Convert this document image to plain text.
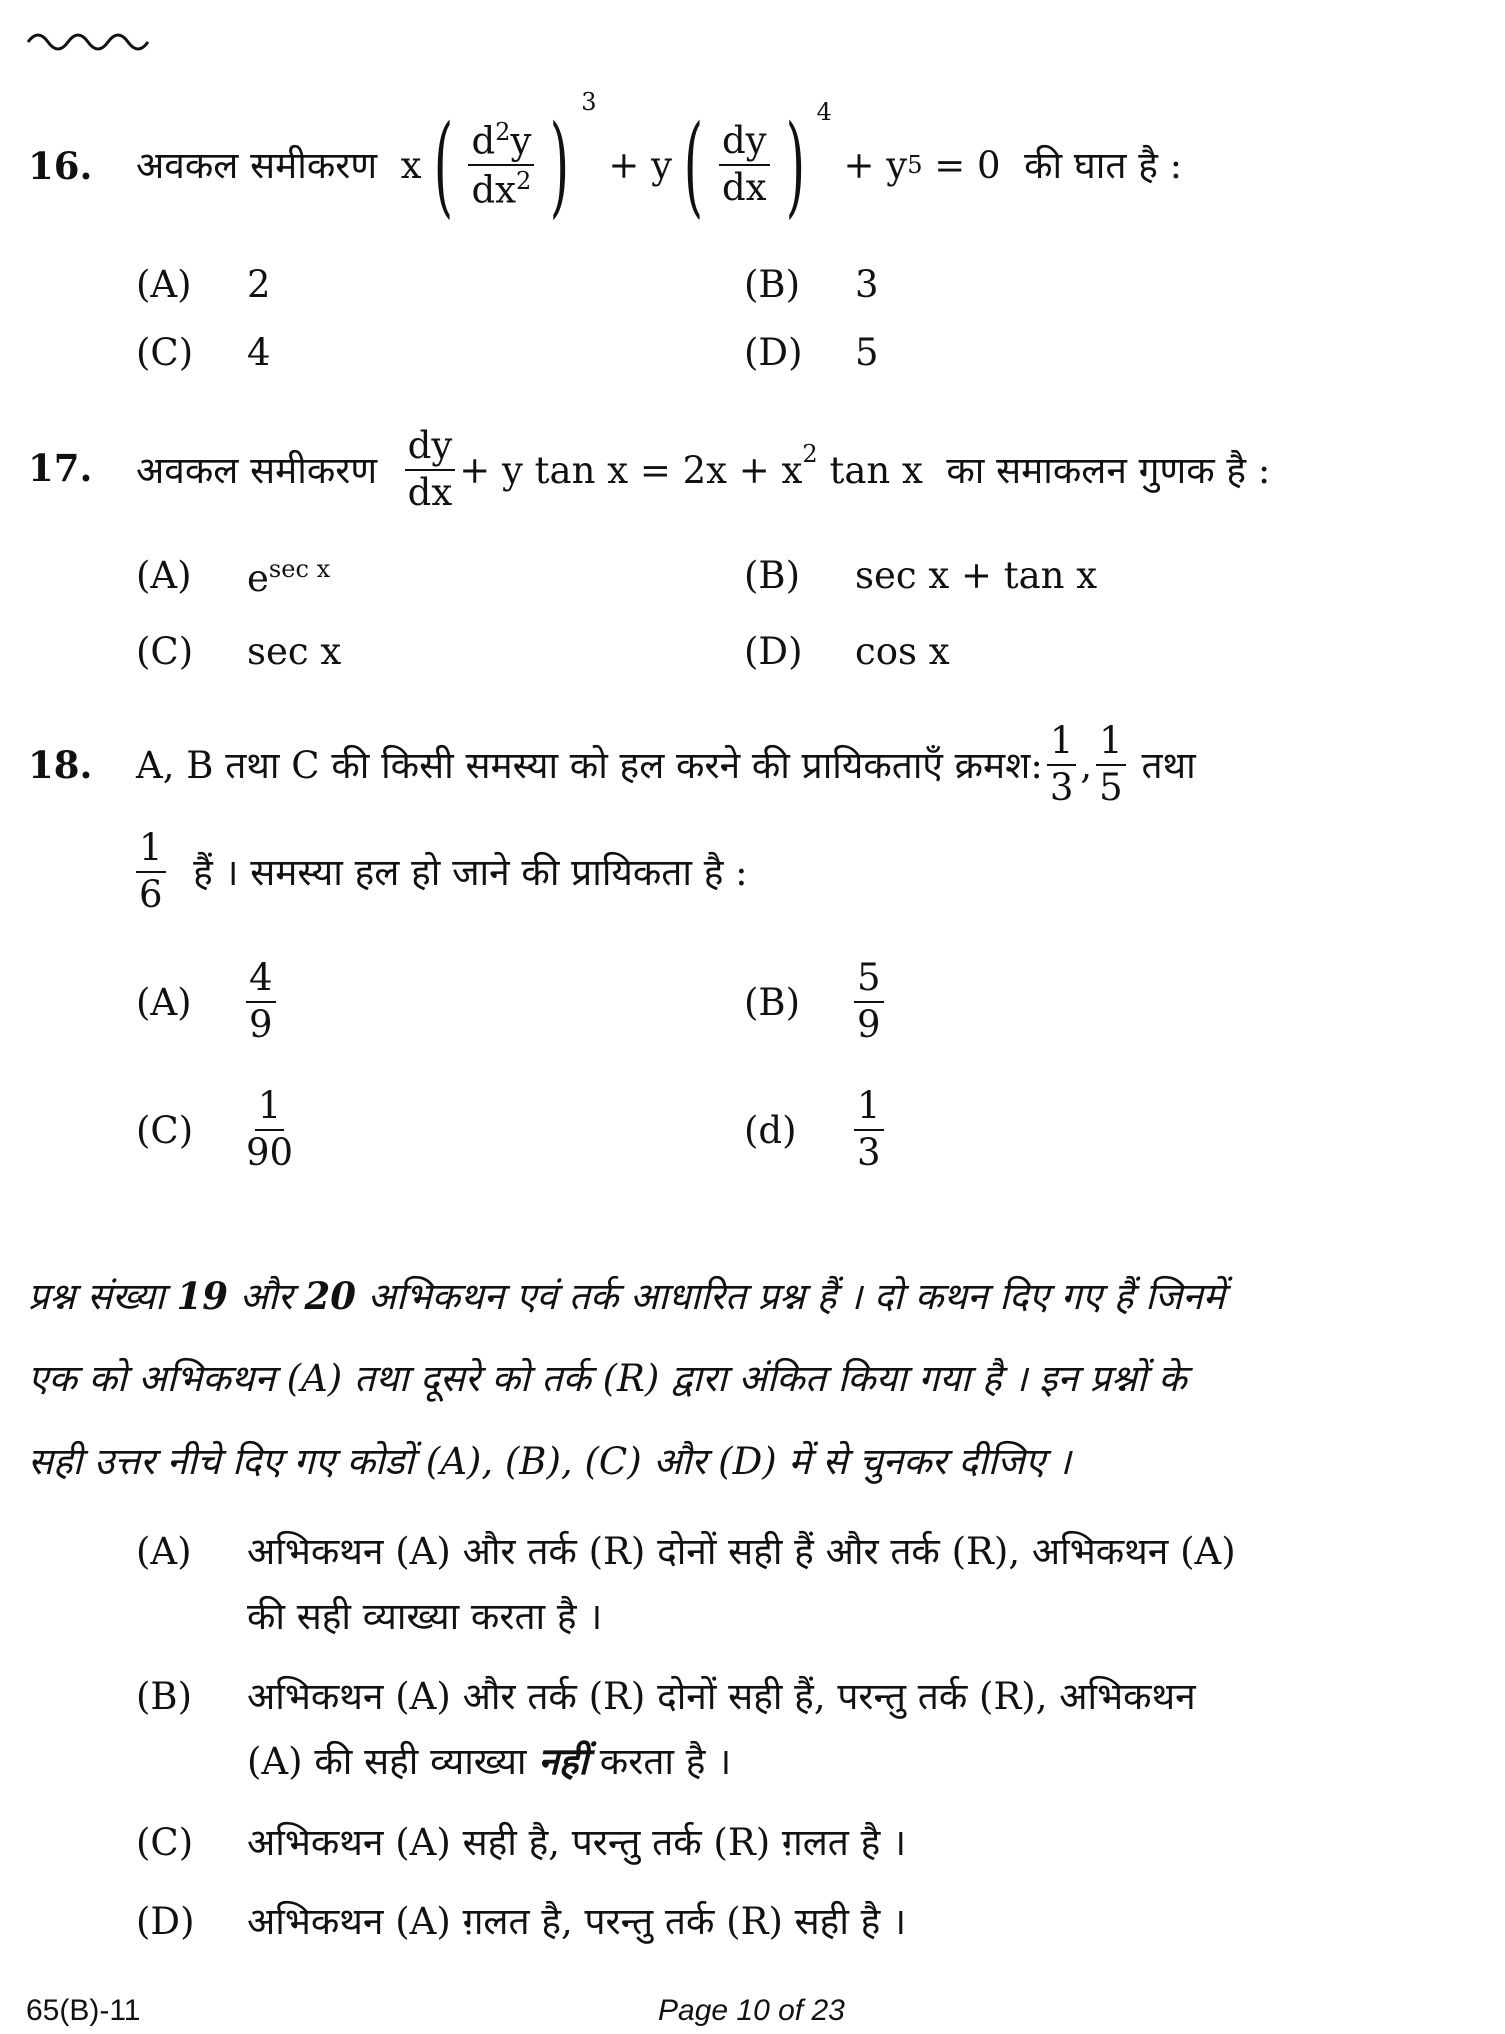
16. अवकल समीकरण
x ( $\frac{d^2y}{dx^2}$ ) $^3$

+ y ( $\frac{dy}{dx}$ ) $^4$

+ y 5
= 0
की घात है :
(A) 2	(B) 3
(C) 4	(D) 5
17. अवकल समीकरण
$\frac{dy}{dx} + y$ $\tan x = 2x + x^2$
tan x
का समाकलन गुणक है :
(A) $e^{sec x}$	(B) sec x + tan x
(C) sec x	(D) cos x
18. A, B तथा C की किसी समस्या को हल करने की प्रायिकताएँ क्रमश: $\frac{1}{3}$ , $\frac{1}{5}$
तथा
$\frac{1}{6}$
हैं । समस्या हल हो जाने की प्रायिकता है :
(A)	$\frac{4}{9}$	(B)	$\frac{5}{9}$
(C)	$\frac{1}{90}$	(d)	$\frac{1}{3}$
प्रश्न संख्या 19 और 20 अभिकथन एवं तर्क आधारित प्रश्न हैं । दो कथन दिए गए हैं जिनमें
एक को अभिकथन (A) तथा दूसरे को तर्क (R) द्वारा अंकित किया गया है । इन प्रश्नों के
सही उत्तर नीचे दिए गए कोडों (A), (B), (C) और (D) में से चुनकर दीजिए ।
(A) अभिकथन (A) और तर्क (R) दोनों सही हैं और तर्क (R), अभिकथन (A)
की सही व्याख्या करता है ।
(B) अभिकथन (A) और तर्क (R) दोनों सही हैं, परन्तु तर्क (R), अभिकथन
(A) की सही व्याख्या नहीं करता है ।
(C) अभिकथन (A) सही है, परन्तु तर्क (R) ग़लत है ।
(D) अभिकथन (A) ग़लत है, परन्तु तर्क (R) सही है ।
65(B)-11	Page 10 of 23
